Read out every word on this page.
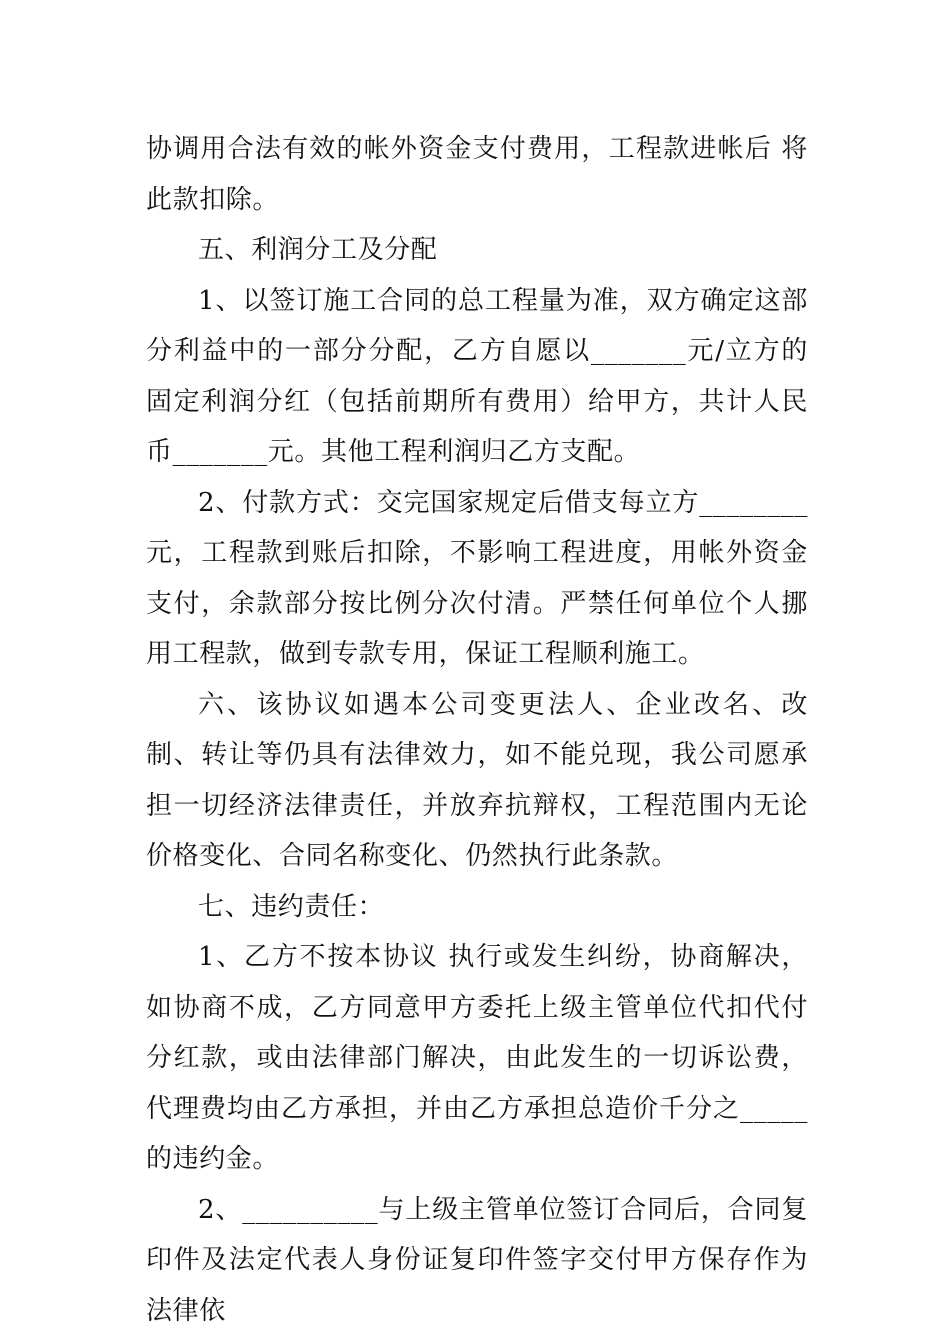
协调用合法有效的帐外资金支付费用，工程款进帐后 将此款扣除。

五、利润分工及分配

1、以签订施工合同的总工程量为准，双方确定这部分利益中的一部分分配，乙方自愿以_______元/立方的固定利润分红（包括前期所有费用）给甲方，共计人民币_______元。其他工程利润归乙方支配。

2、付款方式：交完国家规定后借支每立方________元，工程款到账后扣除，不影响工程进度，用帐外资金支付，余款部分按比例分次付清。严禁任何单位个人挪用工程款，做到专款专用，保证工程顺利施工。

六、该协议如遇本公司变更法人、企业改名、改制、转让等仍具有法律效力，如不能兑现，我公司愿承担一切经济法律责任，并放弃抗辩权，工程范围内无论价格变化、合同名称变化、仍然执行此条款。

七、违约责任：

1、乙方不按本协议 执行或发生纠纷，协商解决，如协商不成，乙方同意甲方委托上级主管单位代扣代付分红款，或由法律部门解决，由此发生的一切诉讼费，代理费均由乙方承担，并由乙方承担总造价千分之_____的违约金。

2、__________与上级主管单位签订合同后，合同复印件及法定代表人身份证复印件签字交付甲方保存作为法律依
